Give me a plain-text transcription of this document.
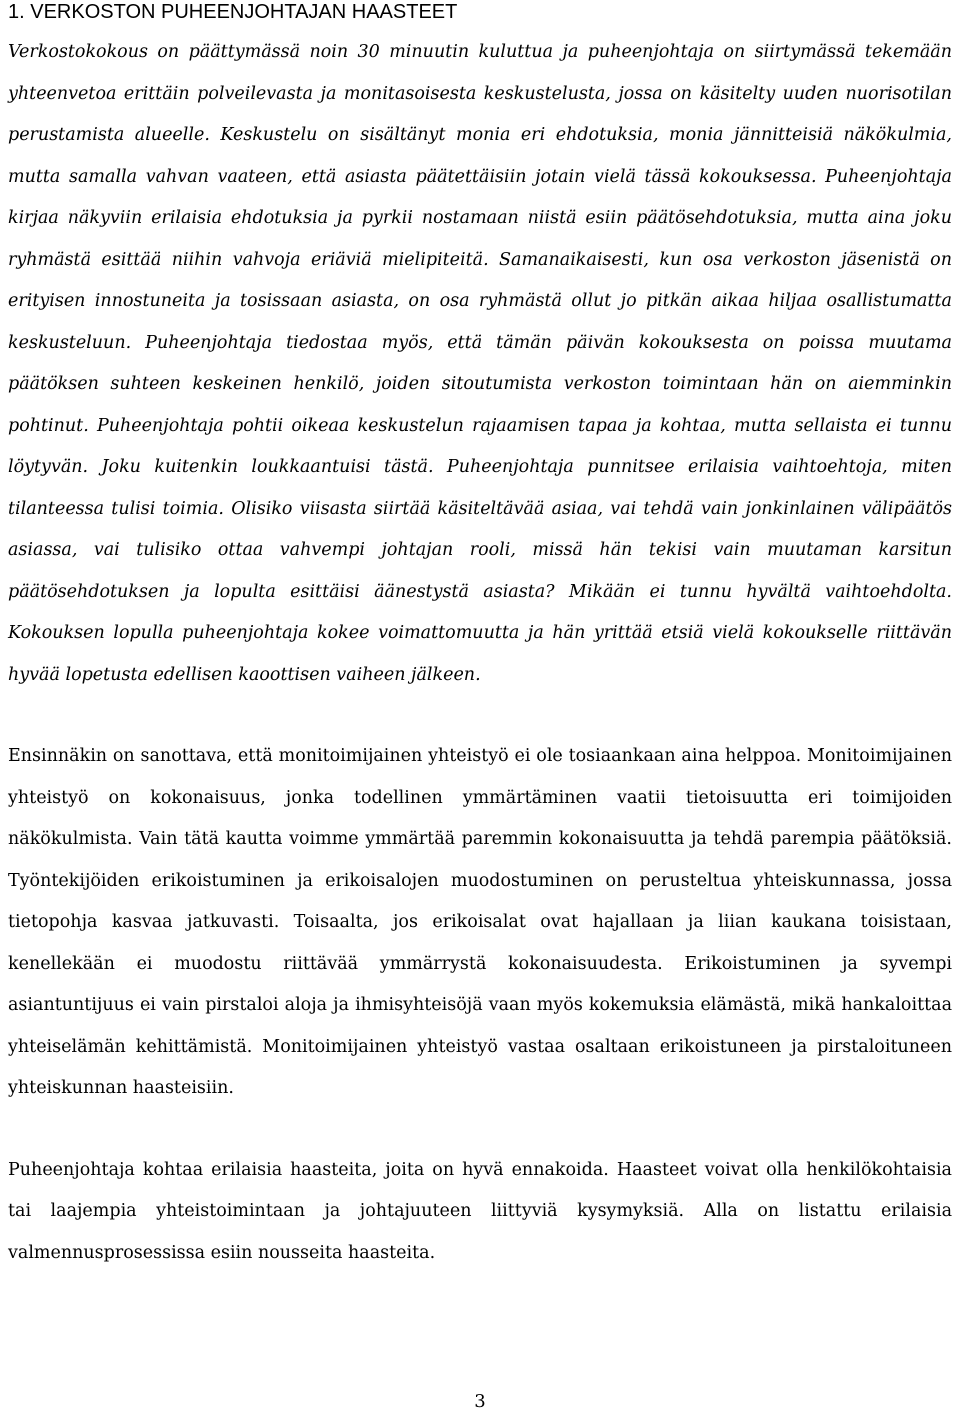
1. VERKOSTON PUHEENJOHTAJAN HAASTEET

Verkostokokous on päättymässä noin 30 minuutin kuluttua ja puheenjohtaja on siirtymässä tekemään yhteenvetoa erittäin polveilevasta ja monitasoisesta keskustelusta, jossa on käsitelty uuden nuorisotilan perustamista alueelle. Keskustelu on sisältänyt monia eri ehdotuksia, monia jännitteisiä näkökulmia, mutta samalla vahvan vaateen, että asiasta päätettäisiin jotain vielä tässä kokouksessa. Puheenjohtaja kirjaa näkyviin erilaisia ehdotuksia ja pyrkii nostamaan niistä esiin päätösehdotuksia, mutta aina joku ryhmästä esittää niihin vahvoja eriäviä mielipiteitä. Samanaikaisesti, kun osa verkoston jäsenistä on erityisen innostuneita ja tosissaan asiasta, on osa ryhmästä ollut jo pitkän aikaa hiljaa osallistumatta keskusteluun. Puheenjohtaja tiedostaa myös, että tämän päivän kokouksesta on poissa muutama päätöksen suhteen keskeinen henkilö, joiden sitoutumista verkoston toimintaan hän on aiemminkin pohtinut. Puheenjohtaja pohtii oikeaa keskustelun rajaamisen tapaa ja kohtaa, mutta sellaista ei tunnu löytyvän. Joku kuitenkin loukkaantuisi tästä. Puheenjohtaja punnitsee erilaisia vaihtoehtoja, miten tilanteessa tulisi toimia. Olisiko viisasta siirtää käsiteltävää asiaa, vai tehdä vain jonkinlainen välipäätös asiassa, vai tulisiko ottaa vahvempi johtajan rooli, missä hän tekisi vain muutaman karsitun päätösehdotuksen ja lopulta esittäisi äänestystä asiasta? Mikään ei tunnu hyvältä vaihtoehdolta. Kokouksen lopulla puheenjohtaja kokee voimattomuutta ja hän yrittää etsiä vielä kokoukselle riittävän hyvää lopetusta edellisen kaoottisen vaiheen jälkeen.

Ensinnäkin on sanottava, että monitoimijainen yhteistyö ei ole tosiaankaan aina helppoa. Monitoimijainen yhteistyö on kokonaisuus, jonka todellinen ymmärtäminen vaatii tietoisuutta eri toimijoiden näkökulmista. Vain tätä kautta voimme ymmärtää paremmin kokonaisuutta ja tehdä parempia päätöksiä. Työntekijöiden erikoistuminen ja erikoisalojen muodostuminen on perusteltua yhteiskunnassa, jossa tietopohja kasvaa jatkuvasti. Toisaalta, jos erikoisalat ovat hajallaan ja liian kaukana toisistaan, kenellekään ei muodostu riittävää ymmärrystä kokonaisuudesta. Erikoistuminen ja syvempi asiantuntijuus ei vain pirstaloi aloja ja ihmisyhteisöjä vaan myös kokemuksia elämästä, mikä hankaloittaa yhteiselämän kehittämistä. Monitoimijainen yhteistyö vastaa osaltaan erikoistuneen ja pirstaloituneen yhteiskunnan haasteisiin.

Puheenjohtaja kohtaa erilaisia haasteita, joita on hyvä ennakoida. Haasteet voivat olla henkilökohtaisia tai laajempia yhteistoimintaan ja johtajuuteen liittyviä kysymyksiä. Alla on listattu erilaisia valmennusprosessissa esiin nousseita haasteita.

3
